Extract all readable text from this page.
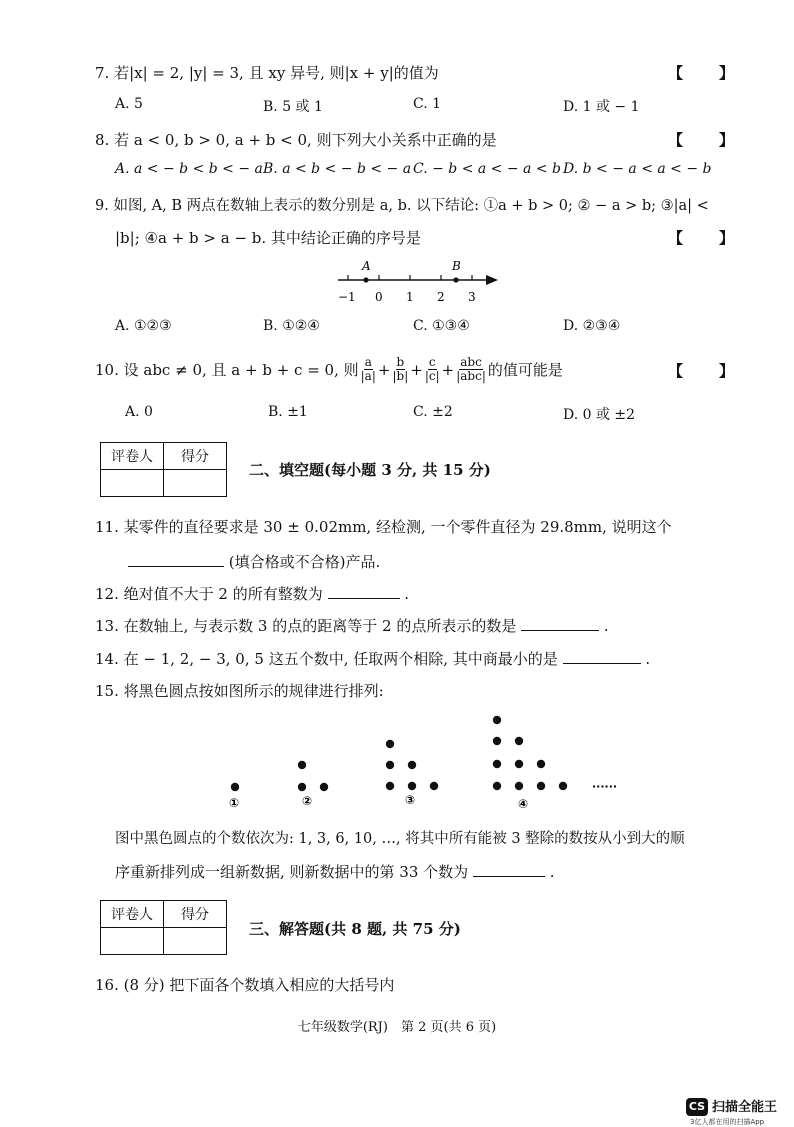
7. 若|x| = 2, |y| = 3, 且 xy 异号, 则|x + y|的值为	【　　】
A. 5	B. 5 或 1	C. 1	D. 1 或 − 1
8. 若 a < 0, b > 0, a + b < 0, 则下列大小关系中正确的是	【　　】
A. a < − b < b < − a B. a < b < − b < − a C. − b < a < − a < b D. b < − a < a < − b
9. 如图, A, B 两点在数轴上表示的数分别是 a, b. 以下结论: ①a + b > 0; ② − a > b; ③|a| <
|b|; ④a + b > a − b. 其中结论正确的序号是	【　　】
A	B
−1 0 1 2 3
A. ①②③	B. ①②④	C. ①③④	D. ②③④
10. 设 abc ≠ 0, 且 a + b + c = 0, 则 $\frac{a}{|a|} + \frac{b}{|b|} + \frac{c}{|c|} + \frac{\text{abc}}{\text{|abc|}}$ 的值可能是	【　　】
A. 0	B. ±1	C. ±2	D. 0 或 ±2
评卷人	得分

二、填空题(每小题 3 分, 共 15 分)
11. 某零件的直径要求是 30 ± 0.02mm, 经检测, 一个零件直径为 29.8mm, 说明这个
(填合格或不合格)产品.
12. 绝对值不大于 2 的所有整数为	.
13. 在数轴上, 与表示数 3 的点的距离等于 2 的点所表示的数是	.
14. 在 − 1, 2, − 3, 0, 5 这五个数中, 任取两个相除, 其中商最小的是	.
15. 将黑色圆点按如图所示的规律进行排列:
······
①	②	③	④
图中黑色圆点的个数依次为: 1, 3, 6, 10, …, 将其中所有能被 3 整除的数按从小到大的顺
序重新排列成一组新数据, 则新数据中的第 33 个数为	.
评卷人	得分

三、解答题(共 8 题, 共 75 分)
16. (8 分) 把下面各个数填入相应的大括号内
七年级数学(RJ)　第 2 页(共 6 页)
CS 扫描全能王
3亿人都在用的扫描App
